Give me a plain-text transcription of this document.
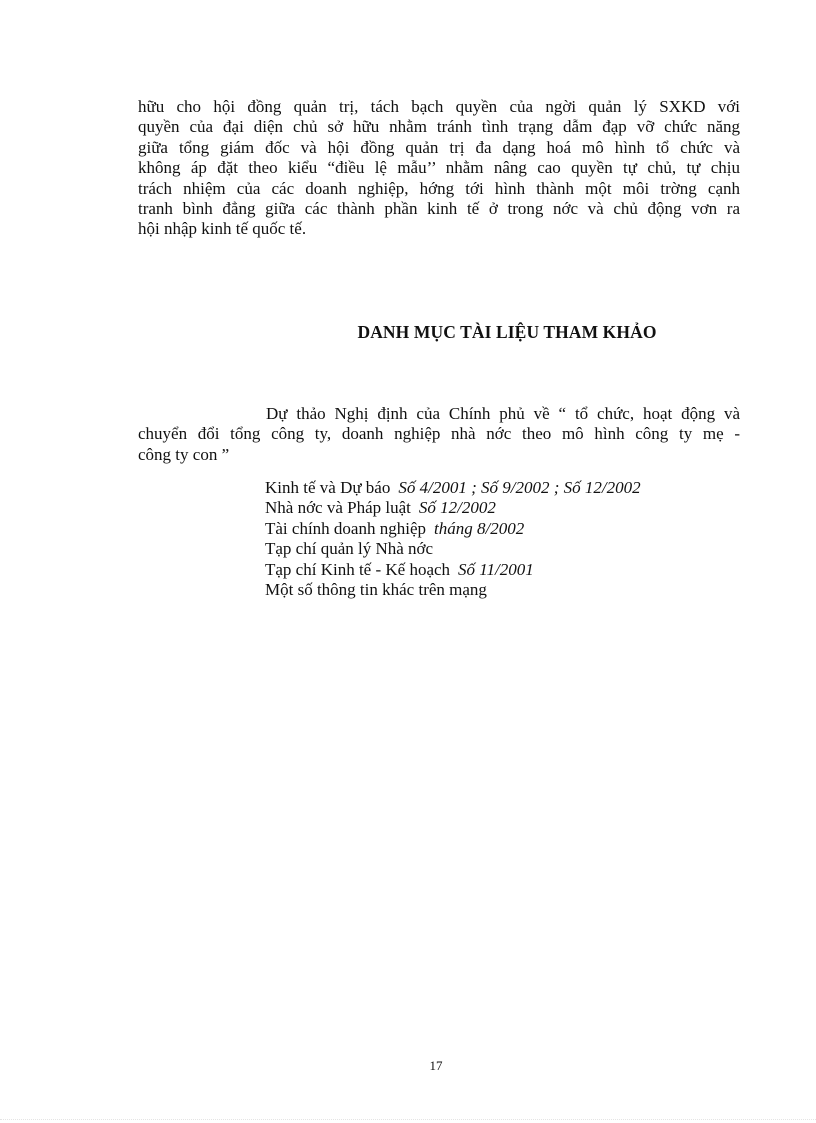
hữu cho hội đồng quản trị, tách bạch quyền của ngời quản lý SXKD với
quyền của đại diện chủ sở hữu nhằm tránh tình trạng dẫm đạp vỡ chức năng
giữa tổng giám đốc và hội đồng quản trị đa dạng hoá mô hình tổ chức và
không áp đặt theo kiểu “điều lệ mẫu’’ nhằm nâng cao quyền tự chủ, tự chịu
trách nhiệm của các doanh nghiệp, hớng tới hình thành một môi trờng cạnh
tranh bình đẳng giữa các thành phần kinh tế ở trong nớc và chủ động vơn ra
hội nhập kinh tế quốc tế.
DANH MỤC TÀI LIỆU THAM KHẢO
Dự thảo Nghị định của Chính phủ về “ tổ chức, hoạt động và
chuyển đổi tổng công ty, doanh nghiệp nhà nớc theo mô hình công ty mẹ -
công ty con ”
Kinh tế và Dự báo Số 4/2001 ; Số 9/2002 ; Số 12/2002
Nhà nớc và Pháp luật Số 12/2002
Tài chính doanh nghiệp tháng 8/2002
Tạp chí quản lý Nhà nớc
Tạp chí Kinh tế - Kế hoạch Số 11/2001
Một số thông tin khác trên mạng
17
